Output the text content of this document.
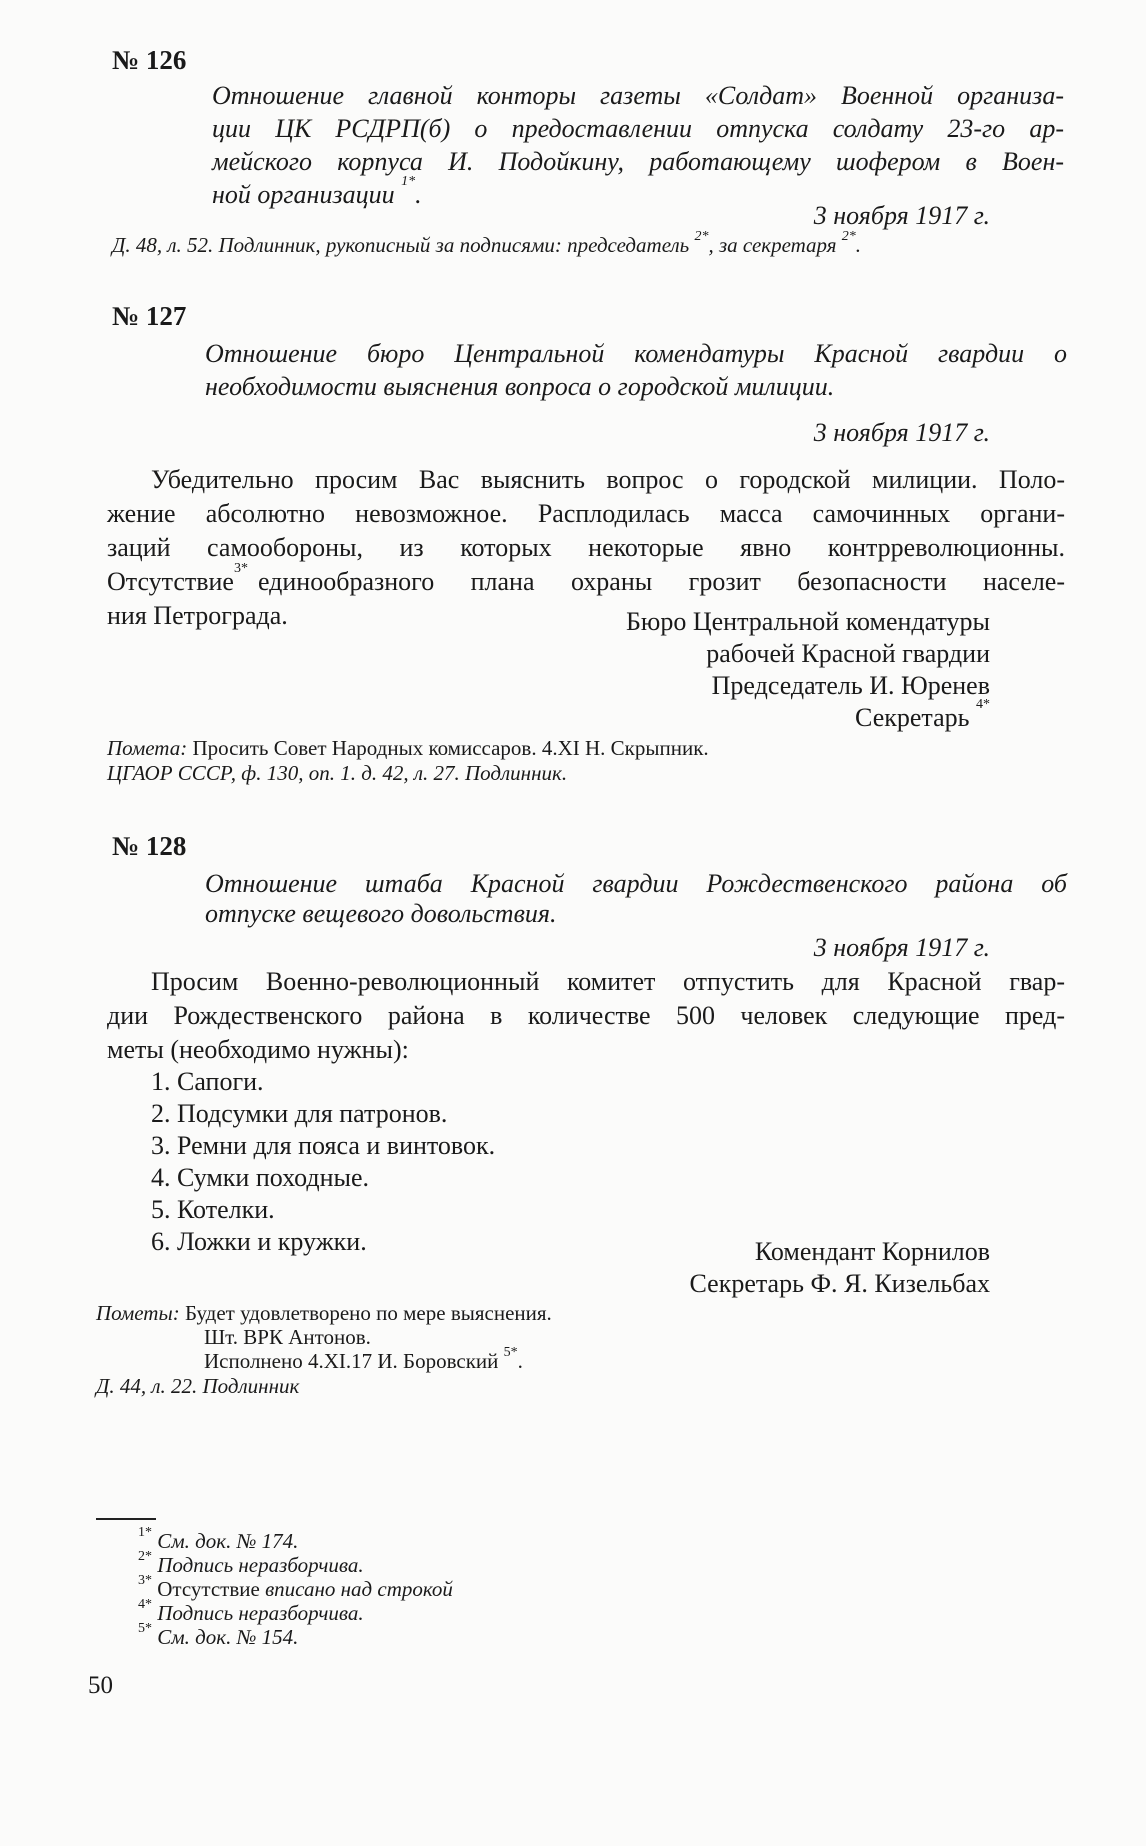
№ 126
Отношение главной конторы газеты «Солдат» Военной организа-
ции ЦК РСДРП(б) о предоставлении отпуска солдату 23-го ар-
мейского корпуса И. Подойкину, работающему шофером в Воен-
ной организации $^{1*}$.
3 ноября 1917 г.
Д. 48, л. 52. Подлинник, рукописный за подписями: председатель $^{2*}$, за секретаря $^{2*}$.
№ 127
Отношение бюро Центральной комендатуры Красной гвардии о
необходимости выяснения вопроса о городской милиции.
3 ноября 1917 г.
Убедительно просим Вас выяснить вопрос о городской милиции. Поло-
жение абсолютно невозможное. Расплодилась масса самочинных органи-
заций самообороны, из которых некоторые явно контрреволюционны.
Отсутствие$^{3*}$ единообразного плана охраны грозит безопасности населе-
ния Петрограда.	Бюро Центральной комендатуры
рабочей Красной гвардии
Председатель И. Юренев
Секретарь $^{4*}$
Помета: Просить Совет Народных комиссаров. 4.XI Н. Скрыпник.
ЦГАОР СССР, ф. 130, оп. 1. д. 42, л. 27. Подлинник.
№ 128
Отношение штаба Красной гвардии Рождественского района об
отпуске вещевого довольствия.
3 ноября 1917 г.
Просим Военно-революционный комитет отпустить для Красной гвар-
дии Рождественского района в количестве 500 человек следующие пред-
меты (необходимо нужны):
1. Сапоги.
2. Подсумки для патронов.
3. Ремни для пояса и винтовок.
4. Сумки походные.
5. Котелки.
6. Ложки и кружки.	Комендант Корнилов
Секретарь Ф. Я. Кизельбах
Пометы: Будет удовлетворено по мере выяснения.
Шт. ВРК Антонов.
Исполнено 4.XI.17 И. Боровский $^{5*}$.
Д. 44, л. 22. Подлинник
$^{1*}$ См. док. № 174.
$^{2*}$ Подпись неразборчива.
$^{3*}$ Отсутствие вписано над строкой
$^{4*}$ Подпись неразборчива.
$^{5*}$ См. док. № 154.
50
